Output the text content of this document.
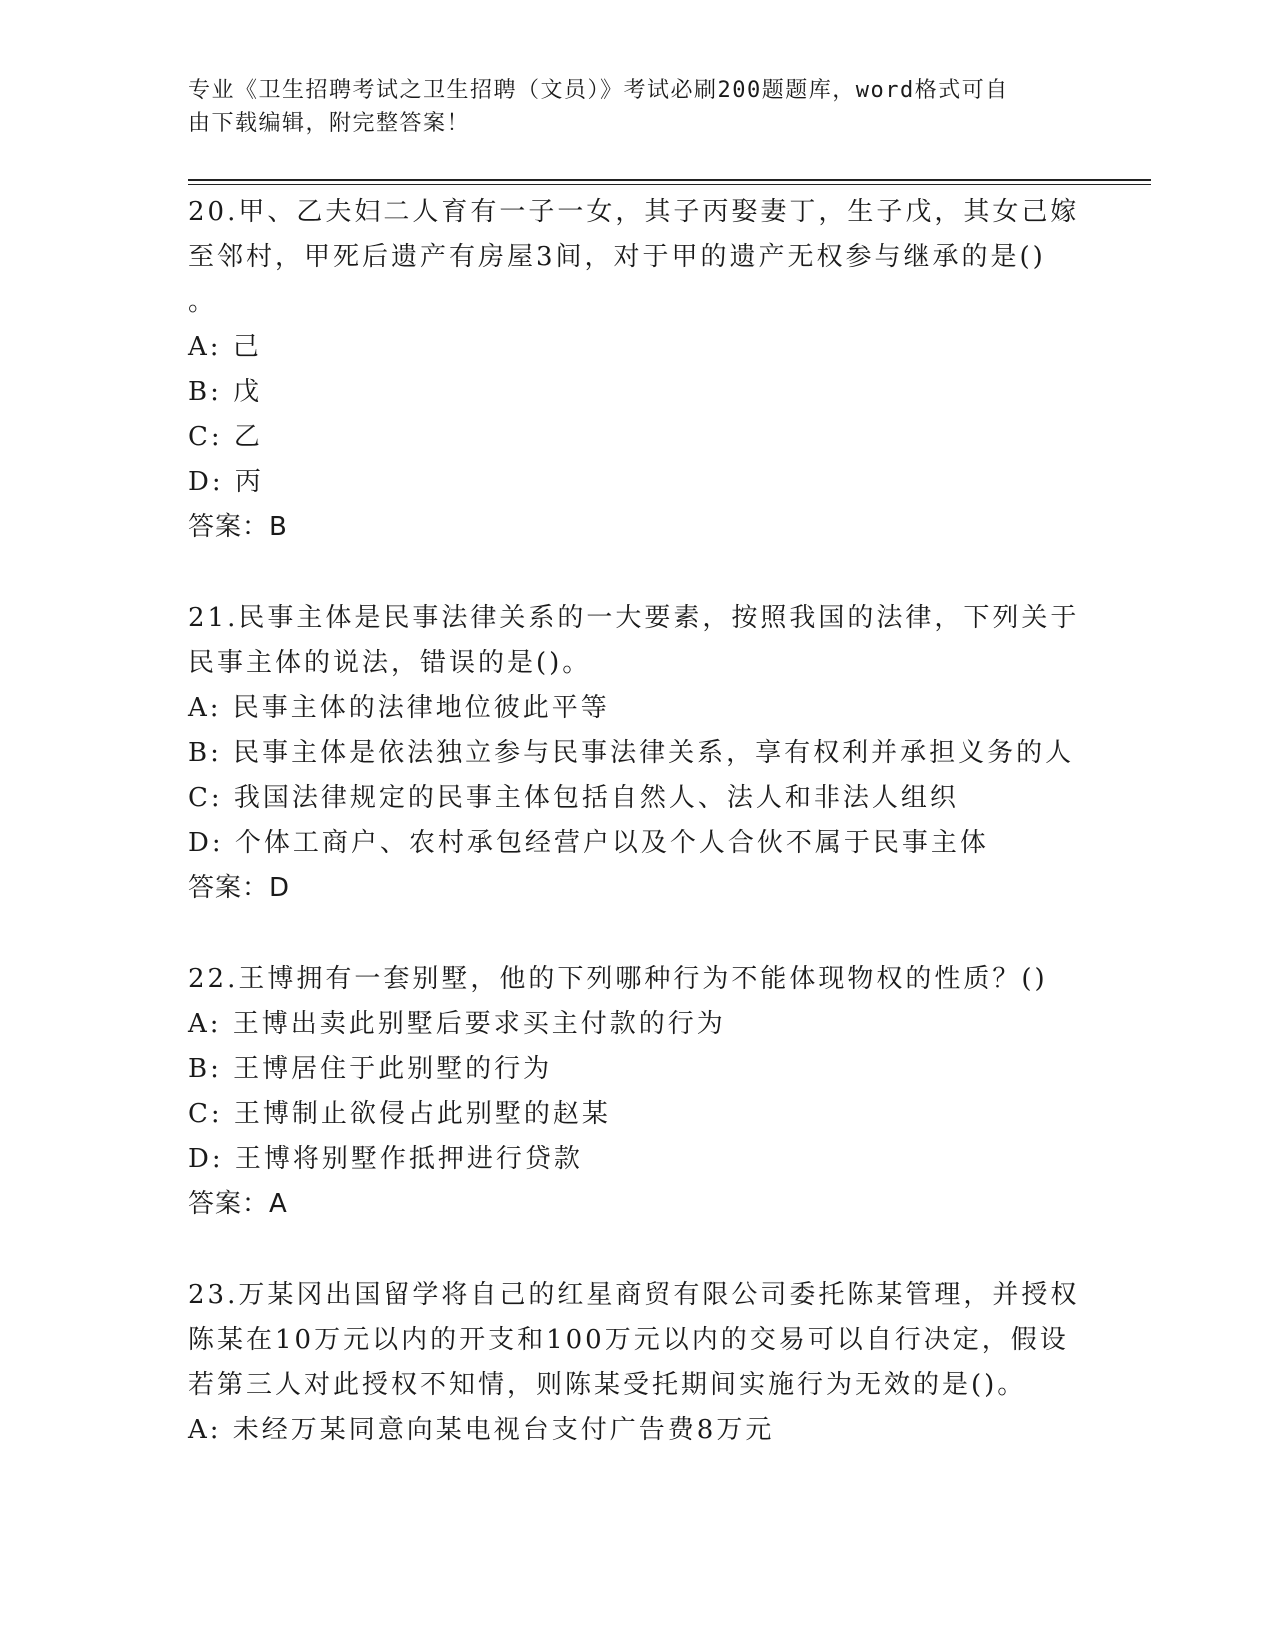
专业《卫生招聘考试之卫生招聘（文员）》考试必刷200题题库，word格式可自
由下载编辑，附完整答案！

20.甲、乙夫妇二人育有一子一女，其子丙娶妻丁，生子戊，其女己嫁

至邻村，甲死后遗产有房屋3间，对于甲的遗产无权参与继承的是()

。

A: 己

B: 戊

C: 乙

D: 丙

答案：B

21.民事主体是民事法律关系的一大要素，按照我国的法律，下列关于

民事主体的说法，错误的是()。

A: 民事主体的法律地位彼此平等

B: 民事主体是依法独立参与民事法律关系，享有权利并承担义务的人

C: 我国法律规定的民事主体包括自然人、法人和非法人组织

D: 个体工商户、农村承包经营户以及个人合伙不属于民事主体

答案：D

22.王博拥有一套别墅，他的下列哪种行为不能体现物权的性质？()

A: 王博出卖此别墅后要求买主付款的行为

B: 王博居住于此别墅的行为

C: 王博制止欲侵占此别墅的赵某

D: 王博将别墅作抵押进行贷款

答案：A

23.万某冈出国留学将自己的红星商贸有限公司委托陈某管理，并授权

陈某在10万元以内的开支和100万元以内的交易可以自行决定，假设

若第三人对此授权不知情，则陈某受托期间实施行为无效的是()。

A: 未经万某同意向某电视台支付广告费8万元
